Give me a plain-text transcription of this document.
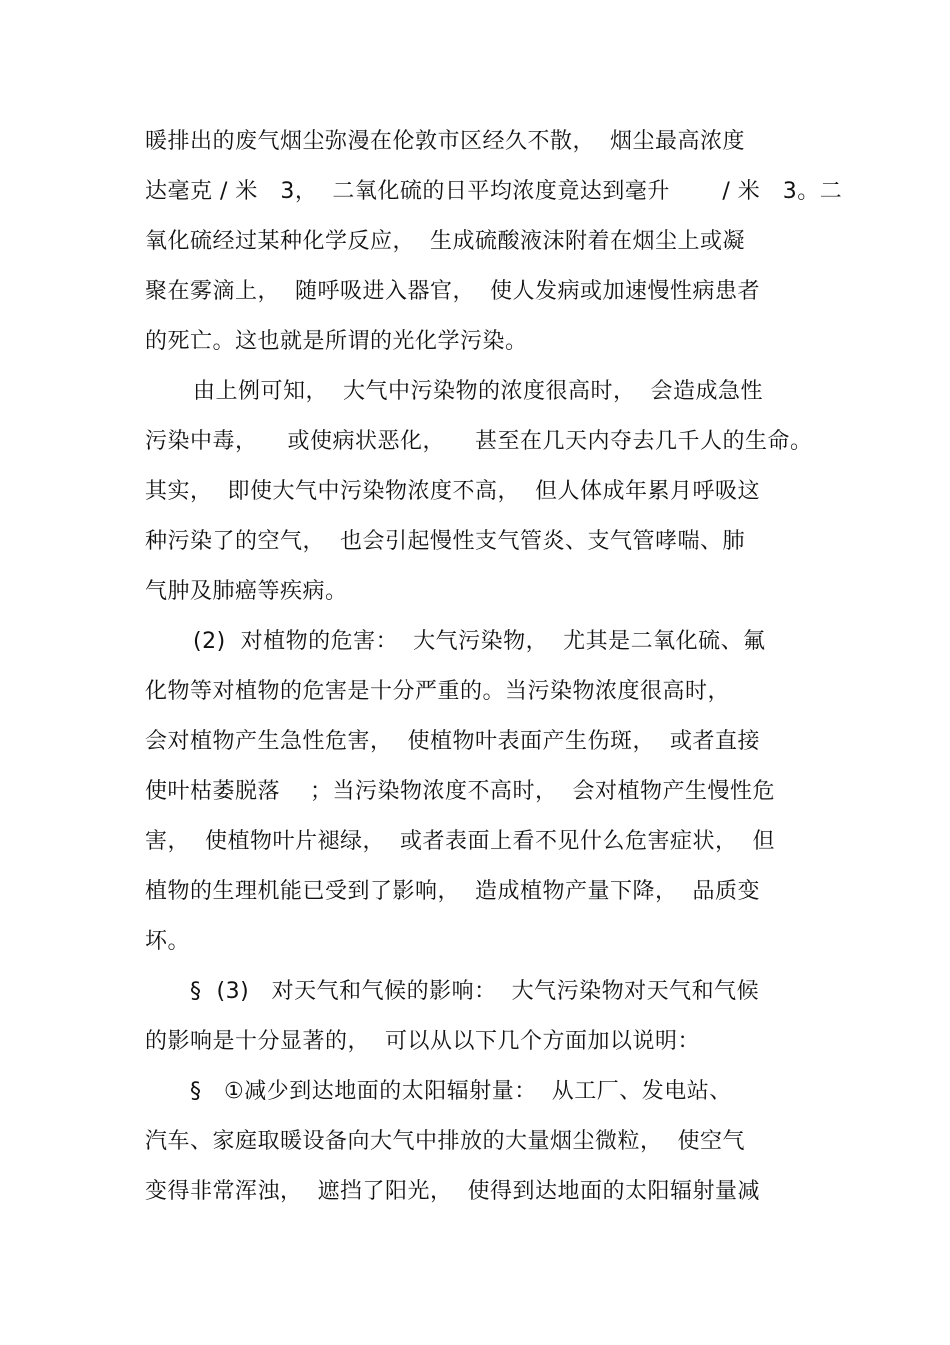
暖排出的废气烟尘弥漫在伦敦市区经久不散，  烟尘最高浓度
达毫克 / 米   3，  二氧化硫的日平均浓度竟达到毫升       / 米   3。二
氧化硫经过某种化学反应，  生成硫酸液沫附着在烟尘上或凝
聚在雾滴上，  随呼吸进入器官，  使人发病或加速慢性病患者
的死亡。这也就是所谓的光化学污染。
由上例可知，  大气中污染物的浓度很高时，  会造成急性
污染中毒，    或使病状恶化，    甚至在几天内夺去几千人的生命。
其实，  即使大气中污染物浓度不高，  但人体成年累月呼吸这
种污染了的空气，  也会引起慢性支气管炎、支气管哮喘、肺
气肿及肺癌等疾病。
(2)  对植物的危害：  大气污染物，  尤其是二氧化硫、氟
化物等对植物的危害是十分严重的。当污染物浓度很高时，
会对植物产生急性危害，  使植物叶表面产生伤斑，  或者直接
使叶枯萎脱落    ；当污染物浓度不高时，  会对植物产生慢性危
害，  使植物叶片褪绿，  或者表面上看不见什么危害症状，  但
植物的生理机能已受到了影响，  造成植物产量下降，  品质变
坏。
§  (3)   对天气和气候的影响：  大气污染物对天气和气候
的影响是十分显著的，  可以从以下几个方面加以说明：
§   ①减少到达地面的太阳辐射量：  从工厂、发电站、
汽车、家庭取暖设备向大气中排放的大量烟尘微粒，  使空气
变得非常浑浊，  遮挡了阳光，  使得到达地面的太阳辐射量减
